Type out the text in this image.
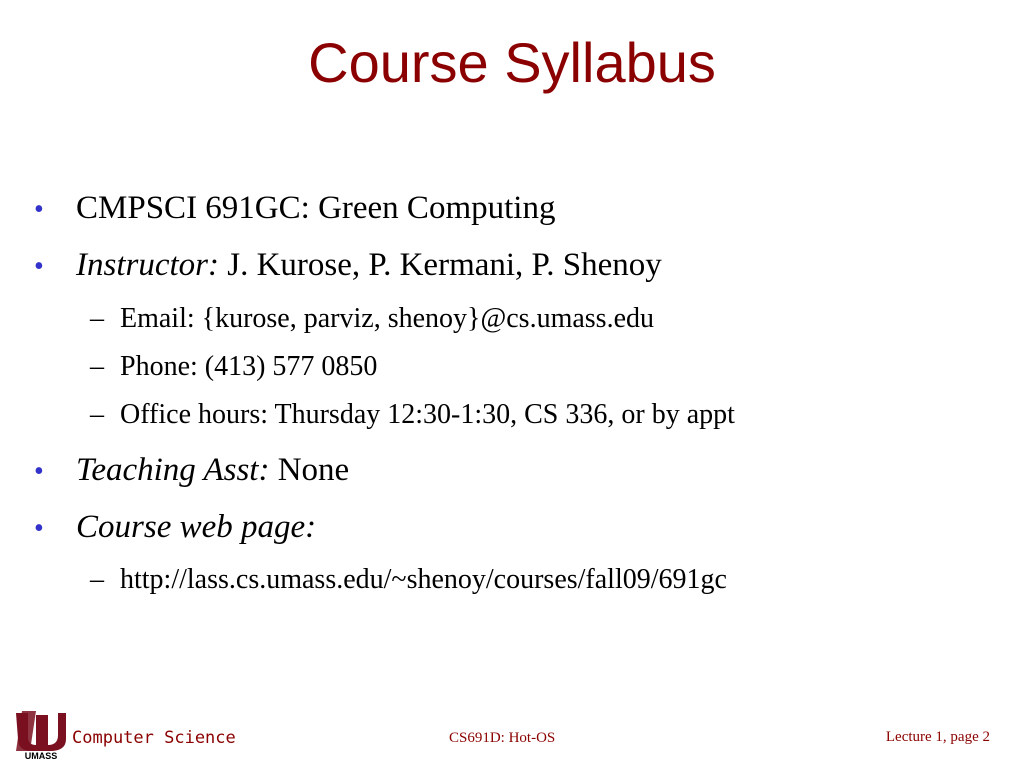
Course Syllabus
• CMPSCI 691GC: Green Computing
• Instructor: J. Kurose, P. Kermani, P. Shenoy
– Email: {kurose, parviz, shenoy}@cs.umass.edu
– Phone: (413) 577 0850
– Office hours: Thursday 12:30-1:30, CS 336, or by appt
• Teaching Asst: None
• Course web page:
– http://lass.cs.umass.edu/~shenoy/courses/fall09/691gc
UMASS
Computer Science	CS691D: Hot-OS	Lecture 1, page 2
